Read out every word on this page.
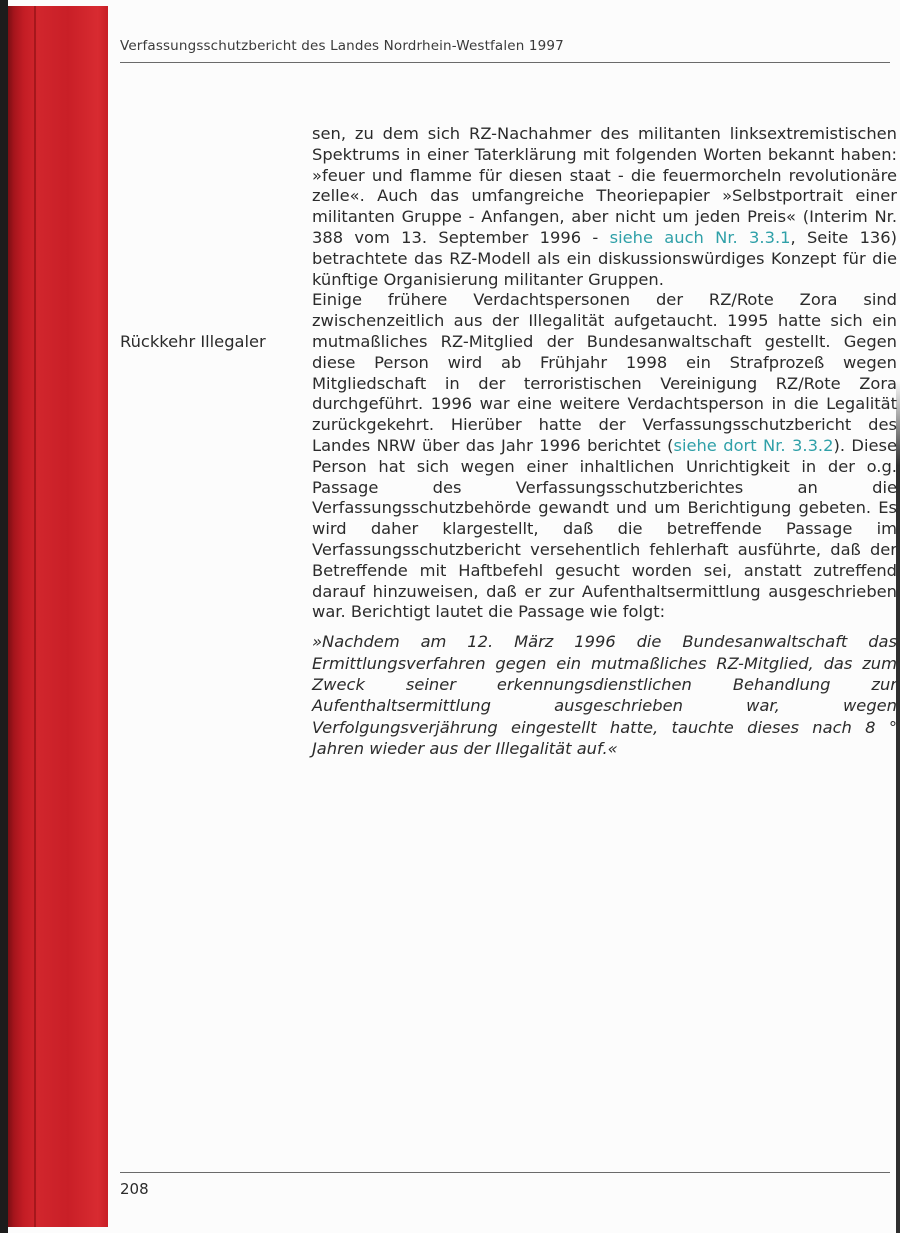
Verfassungsschutzbericht des Landes Nordrhein-Westfalen 1997
Rückkehr Illegaler

sen, zu dem sich RZ-Nachahmer des militanten linksextremistischen Spektrums in einer Taterklärung mit folgenden Worten bekannt haben: »feuer und flamme für diesen staat - die feuermorcheln revolutionäre zelle«. Auch das umfangreiche Theoriepapier »Selbstportrait einer militanten Gruppe - Anfangen, aber nicht um jeden Preis« (Interim Nr. 388 vom 13. September 1996 - siehe auch Nr. 3.3.1, Seite 136) betrachtete das RZ-Modell als ein diskussionswürdiges Konzept für die künftige Organisierung militanter Gruppen.

Einige frühere Verdachtspersonen der RZ/Rote Zora sind zwischenzeitlich aus der Illegalität aufgetaucht. 1995 hatte sich ein mutmaßliches RZ-Mitglied der Bundesanwaltschaft gestellt. Gegen diese Person wird ab Frühjahr 1998 ein Strafprozeß wegen Mitgliedschaft in der terroristischen Vereinigung RZ/Rote Zora durchgeführt. 1996 war eine weitere Verdachtsperson in die Legalität zurückgekehrt. Hierüber hatte der Verfassungsschutzbericht des Landes NRW über das Jahr 1996 berichtet (siehe dort Nr. 3.3.2). Diese Person hat sich wegen einer inhaltlichen Unrichtigkeit in der o.g. Passage des Verfassungsschutzberichtes an die Verfassungsschutzbehörde gewandt und um Berichtigung gebeten. Es wird daher klargestellt, daß die betreffende Passage im Verfassungsschutzbericht versehentlich fehlerhaft ausführte, daß der Betreffende mit Haftbefehl gesucht worden sei, anstatt zutreffend darauf hinzuweisen, daß er zur Aufenthaltsermittlung ausgeschrieben war. Berichtigt lautet die Passage wie folgt:

»Nachdem am 12. März 1996 die Bundesanwaltschaft das Ermittlungsverfahren gegen ein mutmaßliches RZ-Mitglied, das zum Zweck seiner erkennungsdienstlichen Behandlung zur Aufenthaltsermittlung ausgeschrieben war, wegen Verfolgungsverjährung eingestellt hatte, tauchte dieses nach 8 ° Jahren wieder aus der Illegalität auf.«

208
